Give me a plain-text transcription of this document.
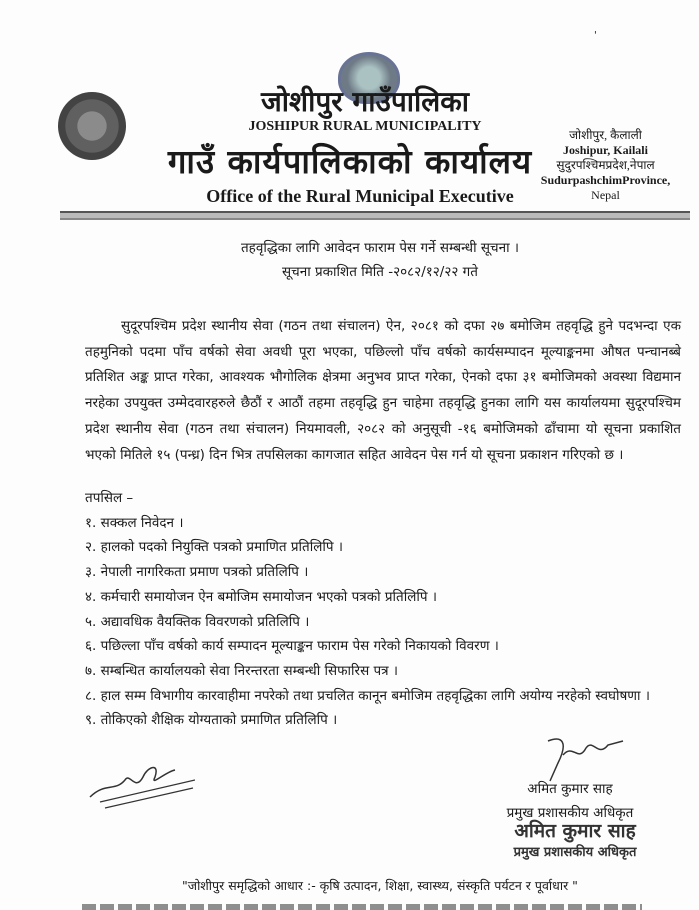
'
जोशीपुर गाउँपालिका
JOSHIPUR RURAL MUNICIPALITY
गाउँ कार्यपालिकाको कार्यालय
Office of the Rural Municipal Executive
जोशीपुर, कैलाली
Joshipur, Kailali
सुदुरपश्चिमप्रदेश,नेपाल
SudurpashchimProvince,
Nepal
तहवृद्धिका लागि आवेदन फाराम पेस गर्ने सम्बन्धी सूचना ।
सूचना प्रकाशित मिति -२०८२/१२/२२ गते
सुदूरपश्चिम प्रदेश स्थानीय सेवा (गठन तथा संचालन) ऐन, २०८१ को दफा २७ बमोजिम तहवृद्धि हुने पदभन्दा एक तहमुनिको पदमा पाँच वर्षको सेवा अवधी पूरा भएका, पछिल्लो पाँच वर्षको कार्यसम्पादन मूल्याङ्कनमा औषत पन्चानब्बे प्रतिशित अङ्क प्राप्त गरेका, आवश्यक भौगोलिक क्षेत्रमा अनुभव प्राप्त गरेका, ऐनको दफा ३१ बमोजिमको अवस्था विद्यमान नरहेका उपयुक्त उम्मेदवारहरुले छैठौं र आठौं तहमा तहवृद्धि हुन चाहेमा तहवृद्धि हुनका लागि यस कार्यालयमा सुदूरपश्चिम प्रदेश स्थानीय सेवा (गठन तथा संचालन) नियमावली, २०८२ को अनुसूची -१६ बमोजिमको ढाँचामा यो सूचना प्रकाशित भएको मितिले १५ (पन्ध्र) दिन भित्र तपसिलका कागजात सहित आवेदन पेस गर्न यो सूचना प्रकाशन गरिएको छ ।
तपसिल –
१. सक्कल निवेदन ।
२. हालको पदको नियुक्ति पत्रको प्रमाणित प्रतिलिपि ।
३. नेपाली नागरिकता प्रमाण पत्रको प्रतिलिपि ।
४. कर्मचारी समायोजन ऐन बमोजिम समायोजन भएको पत्रको प्रतिलिपि ।
५. अद्यावधिक वैयक्तिक विवरणको प्रतिलिपि ।
६. पछिल्ला पाँच वर्षको कार्य सम्पादन मूल्याङ्कन फाराम पेस गरेको निकायको विवरण ।
७. सम्बन्धित कार्यालयको सेवा निरन्तरता सम्बन्धी सिफारिस पत्र ।
८. हाल सम्म विभागीय कारवाहीमा नपरेको तथा प्रचलित कानून बमोजिम तहवृद्धिका लागि अयोग्य नरहेको स्वघोषणा ।
९. तोकिएको शैक्षिक योग्यताको प्रमाणित प्रतिलिपि ।
अमित कुमार साह
प्रमुख प्रशासकीय अधिकृत
अमित कुमार साह
प्रमुख प्रशासकीय अधिकृत
"जोशीपुर समृद्धिको आधार :- कृषि उत्पादन, शिक्षा, स्वास्थ्य, संस्कृति पर्यटन र पूर्वाधार "
